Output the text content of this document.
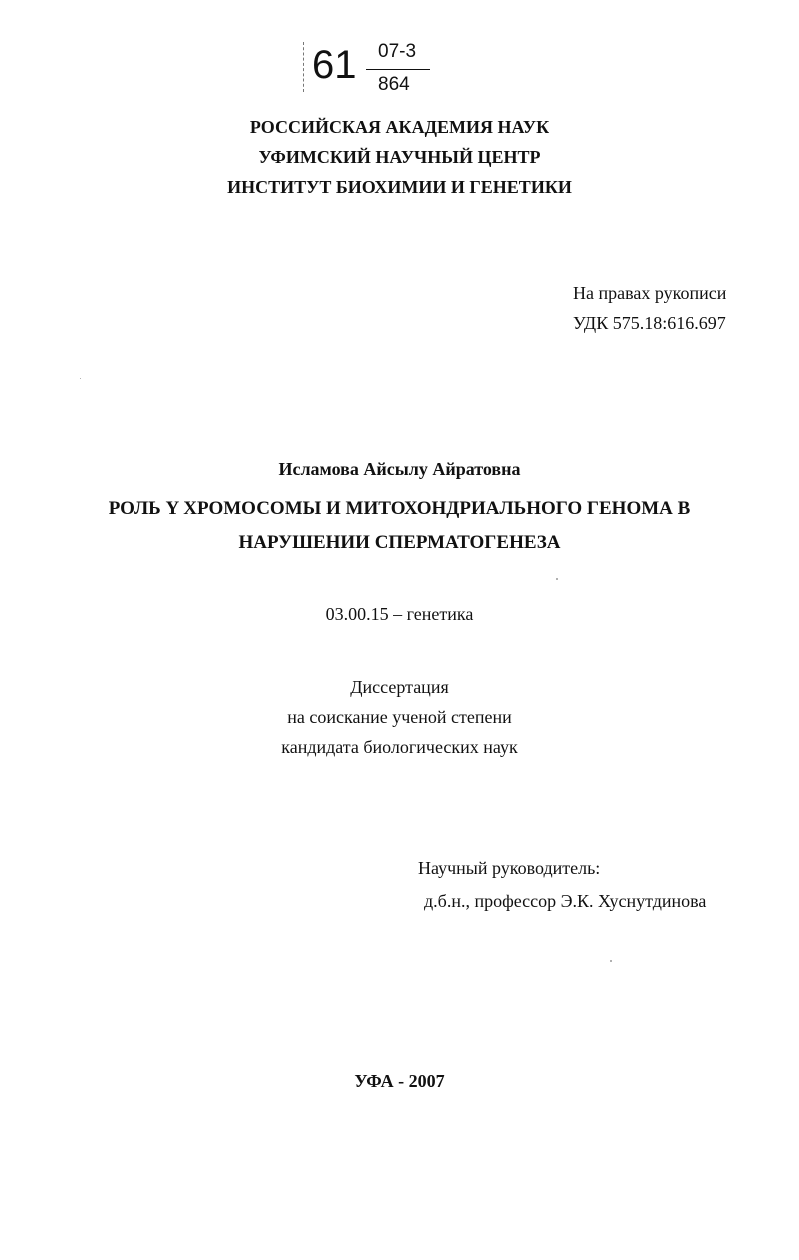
61 07-3
864
РОССИЙСКАЯ АКАДЕМИЯ НАУК
УФИМСКИЙ НАУЧНЫЙ ЦЕНТР
ИНСТИТУТ БИОХИМИИ И ГЕНЕТИКИ
На правах рукописи
УДК 575.18:616.697
Исламова Айсылу Айратовна
РОЛЬ Y ХРОМОСОМЫ И МИТОХОНДРИАЛЬНОГО ГЕНОМА В
НАРУШЕНИИ СПЕРМАТОГЕНЕЗА
03.00.15 – генетика
Диссертация
на соискание ученой степени
кандидата биологических наук
Научный руководитель:
д.б.н., профессор Э.К. Хуснутдинова
УФА - 2007
